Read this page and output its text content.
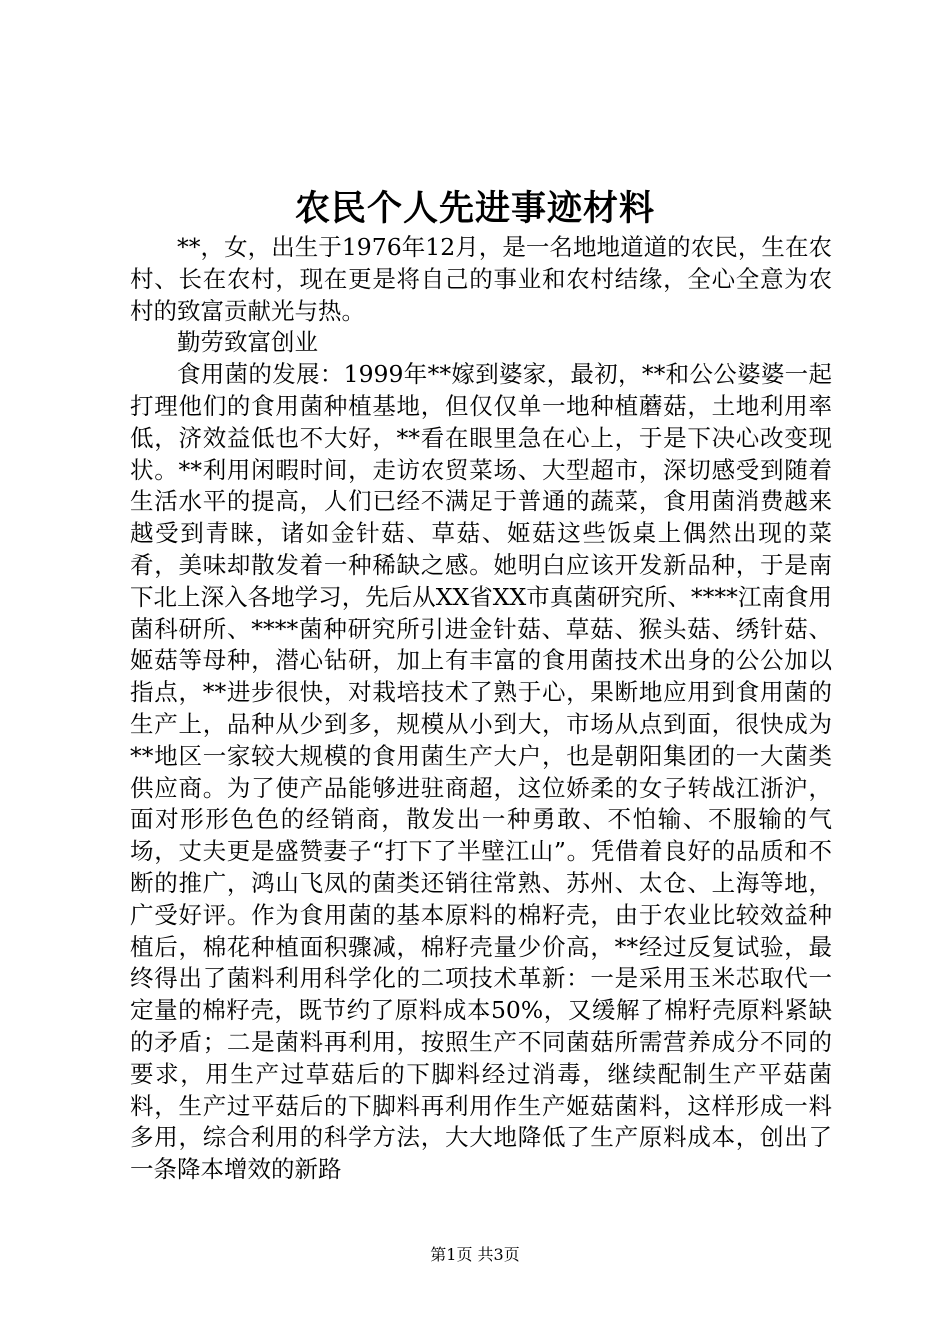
农民个人先进事迹材料

**，女，出生于1976年12月，是一名地地道道的农民，生在农村、长在农村，现在更是将自己的事业和农村结缘，全心全意为农村的致富贡献光与热。

勤劳致富创业

食用菌的发展：1999年**嫁到婆家，最初，**和公公婆婆一起打理他们的食用菌种植基地，但仅仅单一地种植蘑菇，土地利用率低，济效益低也不大好，**看在眼里急在心上，于是下决心改变现状。**利用闲暇时间，走访农贸菜场、大型超市，深切感受到随着生活水平的提高，人们已经不满足于普通的蔬菜，食用菌消费越来越受到青睐，诸如金针菇、草菇、姬菇这些饭桌上偶然出现的菜肴，美味却散发着一种稀缺之感。她明白应该开发新品种，于是南下北上深入各地学习，先后从XX省XX市真菌研究所、****江南食用菌科研所、****菌种研究所引进金针菇、草菇、猴头菇、绣针菇、姬菇等母种，潜心钻研，加上有丰富的食用菌技术出身的公公加以指点，**进步很快，对栽培技术了熟于心，果断地应用到食用菌的生产上，品种从少到多，规模从小到大，市场从点到面，很快成为**地区一家较大规模的食用菌生产大户，也是朝阳集团的一大菌类供应商。为了使产品能够进驻商超，这位娇柔的女子转战江浙沪，面对形形色色的经销商，散发出一种勇敢、不怕输、不服输的气场，丈夫更是盛赞妻子“打下了半壁江山”。凭借着良好的品质和不断的推广，鸿山飞凤的菌类还销往常熟、苏州、太仓、上海等地，广受好评。作为食用菌的基本原料的棉籽壳，由于农业比较效益种植后，棉花种植面积骤减，棉籽壳量少价高，**经过反复试验，最终得出了菌料利用科学化的二项技术革新：一是采用玉米芯取代一定量的棉籽壳，既节约了原料成本50%，又缓解了棉籽壳原料紧缺的矛盾；二是菌料再利用，按照生产不同菌菇所需营养成分不同的要求，用生产过草菇后的下脚料经过消毒，继续配制生产平菇菌料，生产过平菇后的下脚料再利用作生产姬菇菌料，这样形成一料多用，综合利用的科学方法，大大地降低了生产原料成本，创出了一条降本增效的新路

第1页 共3页
